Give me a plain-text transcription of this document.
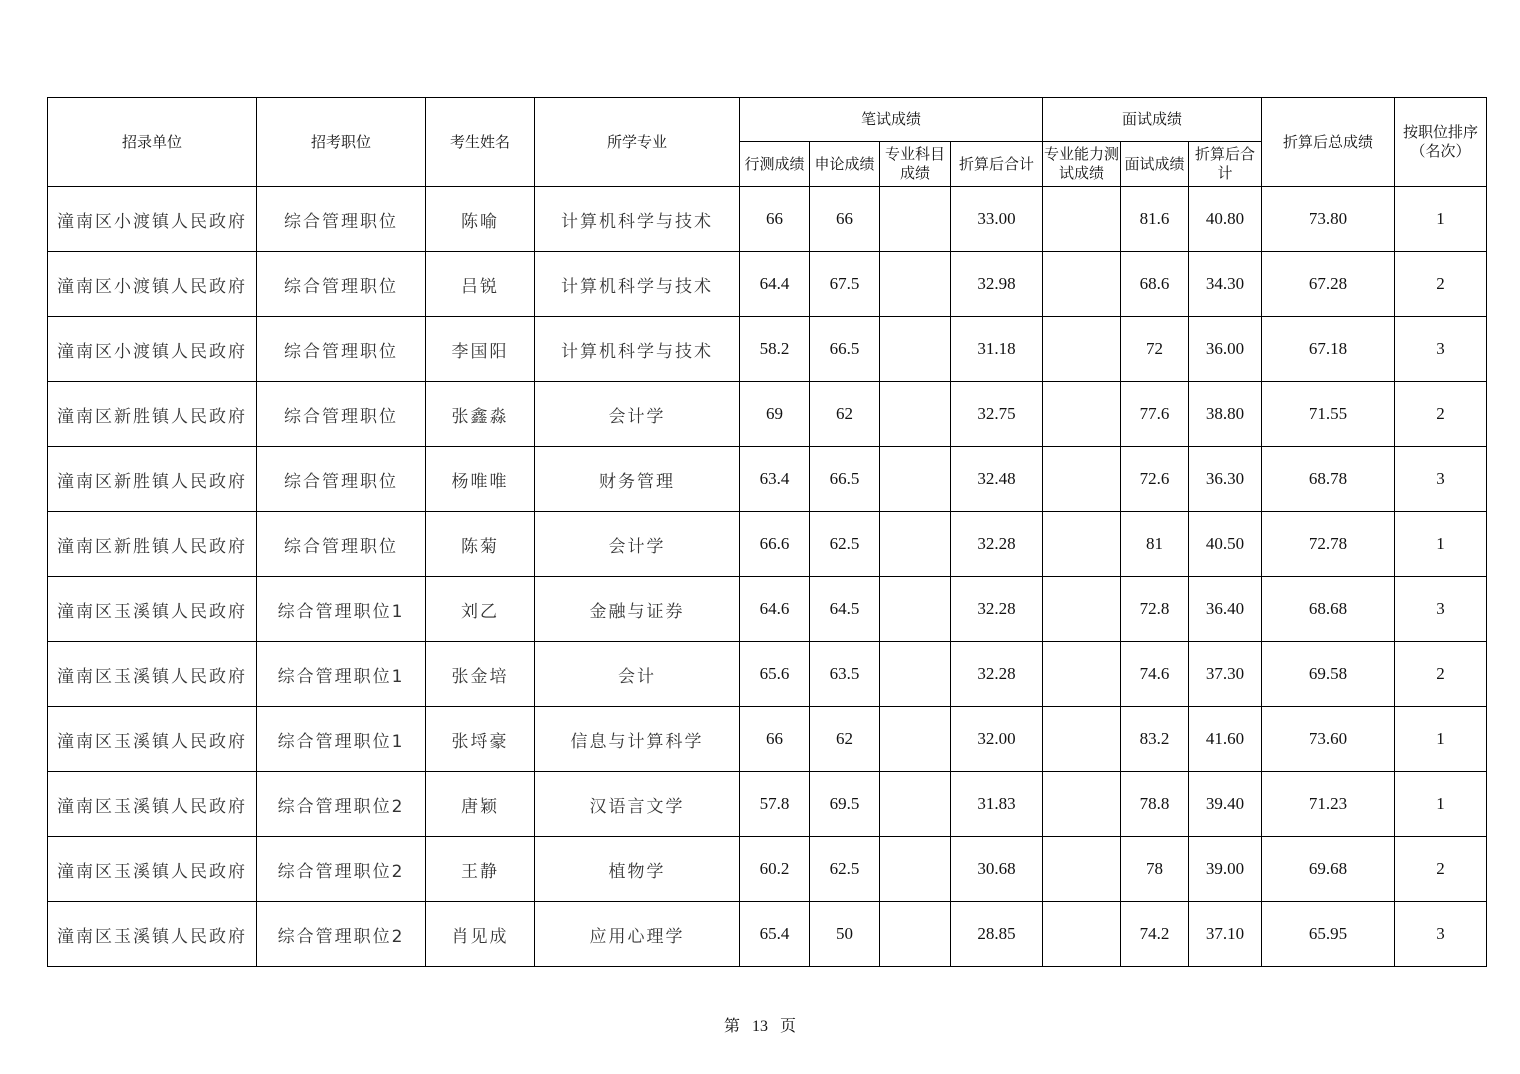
招录单位	招考职位	考生姓名	所学专业	笔试成绩				面试成绩			折算后总成绩	按职位排序（名次）
				行测成绩	申论成绩	专业科目成绩	折算后合计	专业能力测试成绩	面试成绩	折算后合计		
潼南区小渡镇人民政府	综合管理职位	陈喻	计算机科学与技术	66	66		33.00		81.6	40.80	73.80	1
潼南区小渡镇人民政府	综合管理职位	吕锐	计算机科学与技术	64.4	67.5		32.98		68.6	34.30	67.28	2
潼南区小渡镇人民政府	综合管理职位	李国阳	计算机科学与技术	58.2	66.5		31.18		72	36.00	67.18	3
潼南区新胜镇人民政府	综合管理职位	张鑫淼	会计学	69	62		32.75		77.6	38.80	71.55	2
潼南区新胜镇人民政府	综合管理职位	杨唯唯	财务管理	63.4	66.5		32.48		72.6	36.30	68.78	3
潼南区新胜镇人民政府	综合管理职位	陈菊	会计学	66.6	62.5		32.28		81	40.50	72.78	1
潼南区玉溪镇人民政府	综合管理职位1	刘乙	金融与证券	64.6	64.5		32.28		72.8	36.40	68.68	3
潼南区玉溪镇人民政府	综合管理职位1	张金培	会计	65.6	63.5		32.28		74.6	37.30	69.58	2
潼南区玉溪镇人民政府	综合管理职位1	张埒豪	信息与计算科学	66	62		32.00		83.2	41.60	73.60	1
潼南区玉溪镇人民政府	综合管理职位2	唐颖	汉语言文学	57.8	69.5		31.83		78.8	39.40	71.23	1
潼南区玉溪镇人民政府	综合管理职位2	王静	植物学	60.2	62.5		30.68		78	39.00	69.68	2
潼南区玉溪镇人民政府	综合管理职位2	肖见成	应用心理学	65.4	50		28.85		74.2	37.10	65.95	3
第 13 页
